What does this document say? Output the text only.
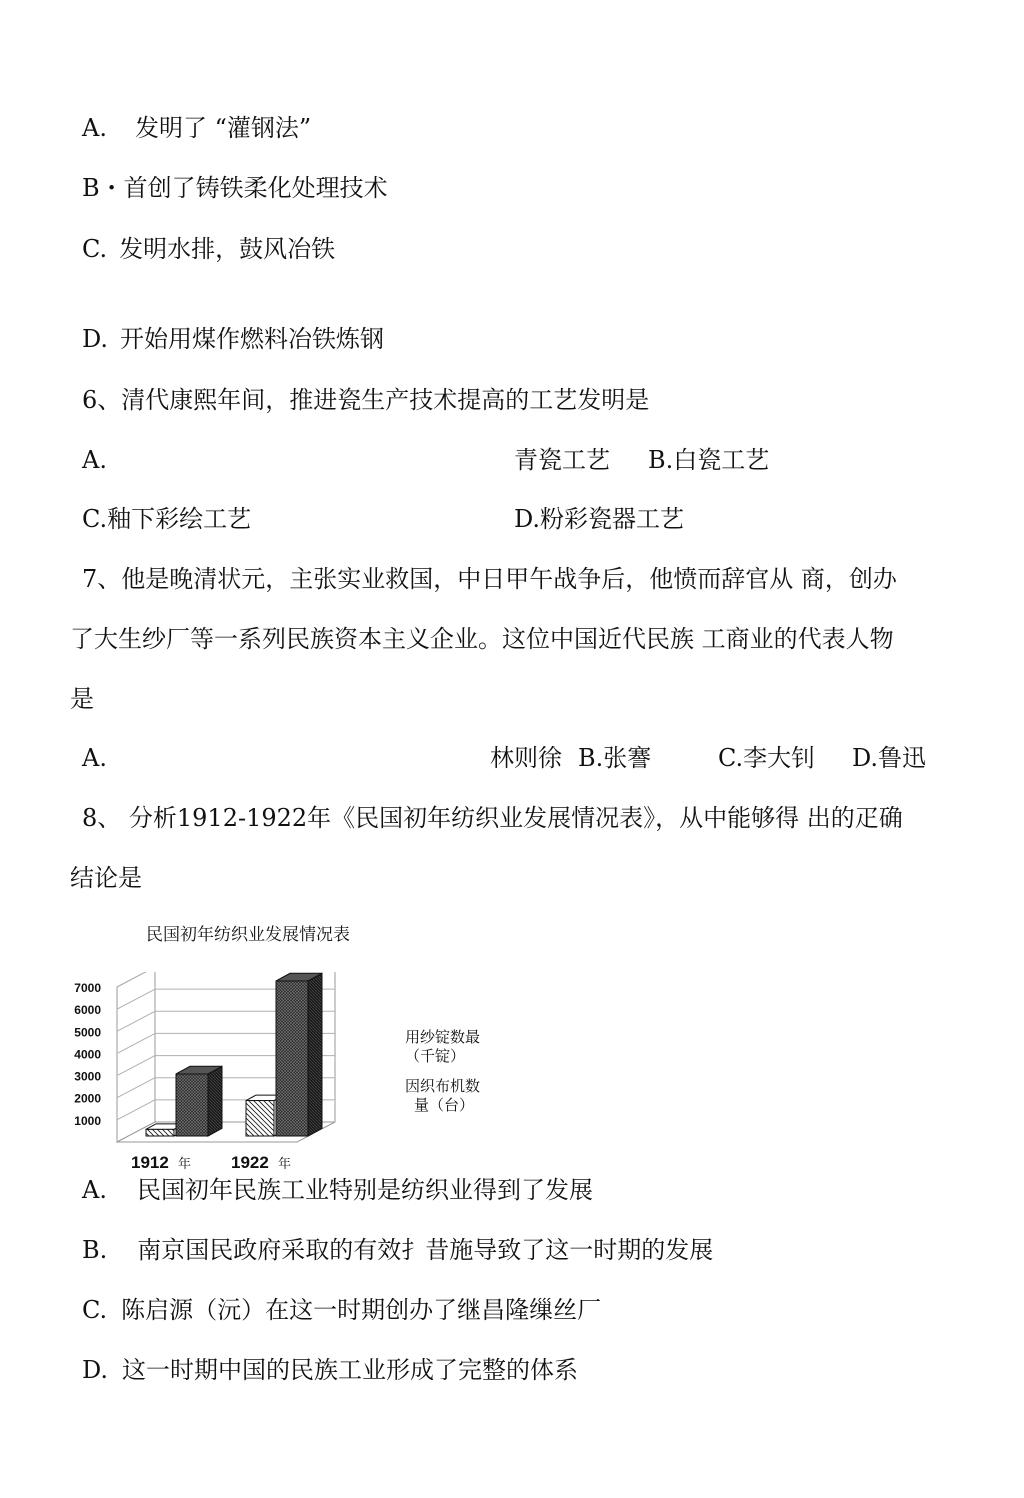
A. 发明了 “灌钢法”
B・首创了铸铁柔化处理技术
C. 发明水排，鼓风冶铁
D. 开始用煤作燃料冶铁炼钢
6、清代康熙年间，推进瓷生产技术提高的工艺发明是
A.	青瓷工艺 B.白瓷工艺
C.釉下彩绘工艺	D.粉彩瓷器工艺
7、他是晚清状元，主张实业救国，中日甲午战争后，他愤而辞官从 商，创办
了大生纱厂等一系列民族资本主义企业。这位中国近代民族 工商业的代表人物
是
A.	林则徐 B.张謇	C.李大钊 D.鲁迅
8、 分析1912-1922年《民国初年纺织业发展情况表》，从中能够得 出的疋确
结论是
民国初年纺织业发展情况表
1000
2000
3000
4000
5000
6000
7000
1912 年 1922 年
用纱锭数最
（千锭）
因织布机数
量（台）
A. 民国初年民族工业特别是纺织业得到了发展
B. 南京国民政府采取的有效扌昔施导致了这一时期的发展
C. 陈启源（沅）在这一时期创办了继昌隆缫丝厂
D. 这一时期中国的民族工业形成了完整的体系
